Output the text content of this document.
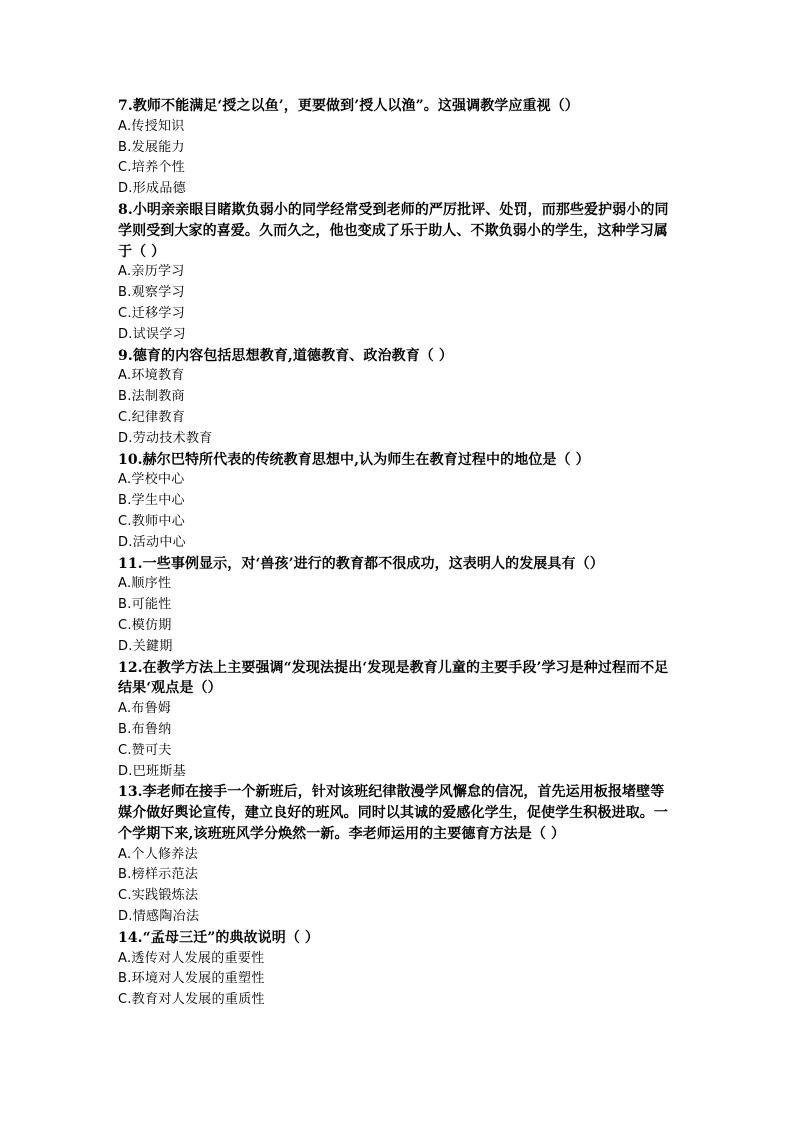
7.教师不能满足‘授之以鱼’，更要做到’授人以渔”。这强调教学应重视（）

A.传授知识

B.发展能力

C.培养个性

D.形成品德

8.小明亲亲眼目睹欺负弱小的同学经常受到老师的严厉批评、处罚，而那些爱护弱小的同学则受到大家的喜爱。久而久之，他也变成了乐于助人、不欺负弱小的学生，这种学习属于（ ）

A.亲历学习

B.观察学习

C.迁移学习

D.试误学习

9.德育的内容包括思想教育,道德教育、政治教育（ ）

A.环境教育

B.法制教商

C.纪律教育

D.劳动技术教育

10.赫尔巴特所代表的传统教育思想中,认为师生在教育过程中的地位是（ ）

A.学校中心

B.学生中心

C.教师中心

D.活动中心

11.一些事例显示，对‘兽孩’进行的教育都不很成功，这表明人的发展具有（）

A.顺序性

B.可能性

C.模仿期

D.关鍵期

12.在教学方法上主要强调“发现法提出‘发现是教育儿童的主要手段’学习是种过程而不足结果‘观点是（）

A.布鲁姆

B.布鲁纳

C.赞可夫

D.巴班斯基

13.李老师在接手一个新班后，针对该班纪律散漫学风懈怠的信况，首先运用板报堵壁等媒介做好舆论宣传，建立良好的班风。同时以其诚的爱感化学生，促使学生积极进取。一个学期下来,该班班风学分焕然一新。李老师运用的主要德育方法是（ ）

A.个人修养法

B.榜样示范法

C.实践锻炼法

D.情感陶冶法

14.“孟母三迁”的典故说明（ ）

A.透传对人发展的重要性

B.环境对人发展的重塑性

C.教育对人发展的重质性
